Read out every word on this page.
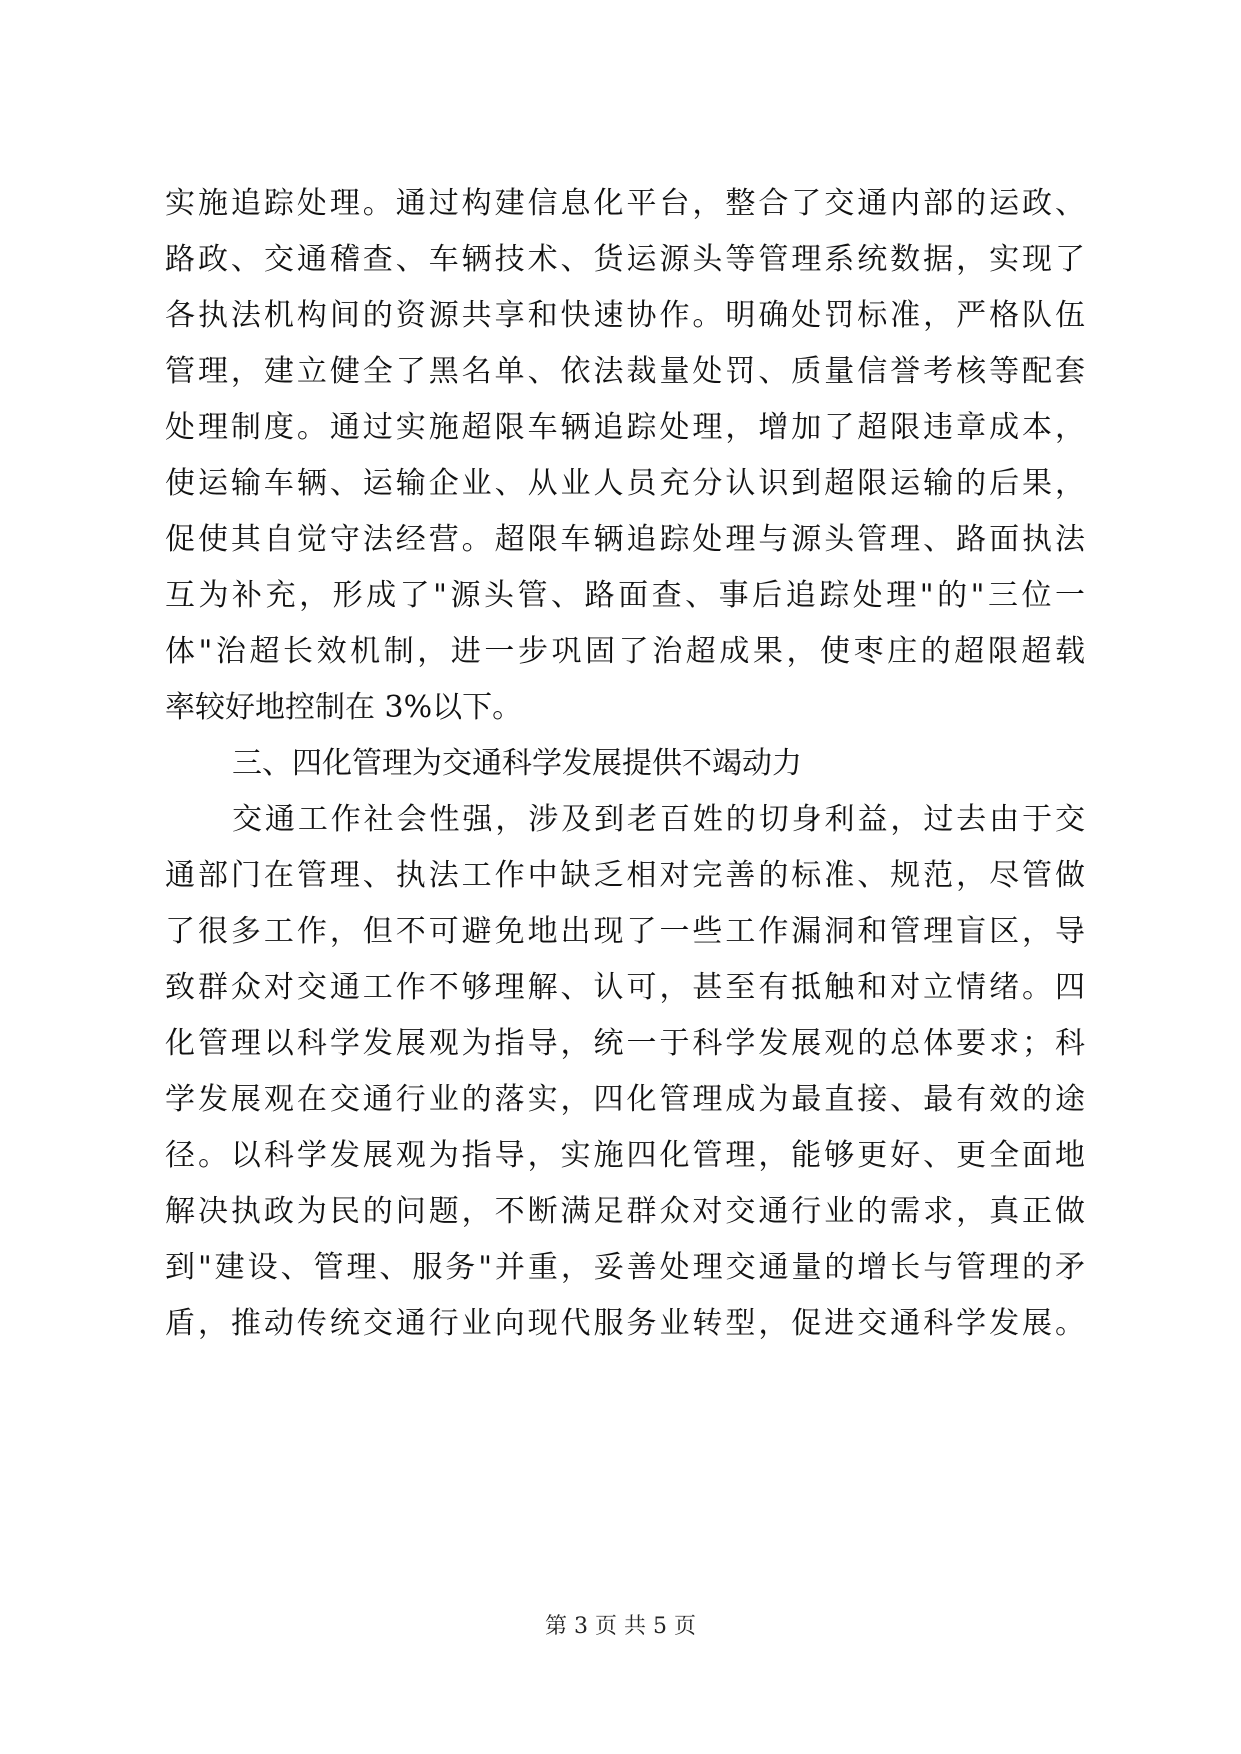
实施追踪处理。通过构建信息化平台，整合了交通内部的运政、
路政、交通稽查、车辆技术、货运源头等管理系统数据，实现了
各执法机构间的资源共享和快速协作。明确处罚标准，严格队伍
管理，建立健全了黑名单、依法裁量处罚、质量信誉考核等配套
处理制度。通过实施超限车辆追踪处理，增加了超限违章成本，
使运输车辆、运输企业、从业人员充分认识到超限运输的后果，
促使其自觉守法经营。超限车辆追踪处理与源头管理、路面执法
互为补充，形成了"源头管、路面查、事后追踪处理"的"三位一
体"治超长效机制，进一步巩固了治超成果，使枣庄的超限超载
率较好地控制在 3%以下。
三、四化管理为交通科学发展提供不竭动力
交通工作社会性强，涉及到老百姓的切身利益，过去由于交
通部门在管理、执法工作中缺乏相对完善的标准、规范，尽管做
了很多工作，但不可避免地出现了一些工作漏洞和管理盲区，导
致群众对交通工作不够理解、认可，甚至有抵触和对立情绪。四
化管理以科学发展观为指导，统一于科学发展观的总体要求；科
学发展观在交通行业的落实，四化管理成为最直接、最有效的途
径。以科学发展观为指导，实施四化管理，能够更好、更全面地
解决执政为民的问题，不断满足群众对交通行业的需求，真正做
到"建设、管理、服务"并重，妥善处理交通量的增长与管理的矛
盾，推动传统交通行业向现代服务业转型，促进交通科学发展。
第 3 页 共 5 页
